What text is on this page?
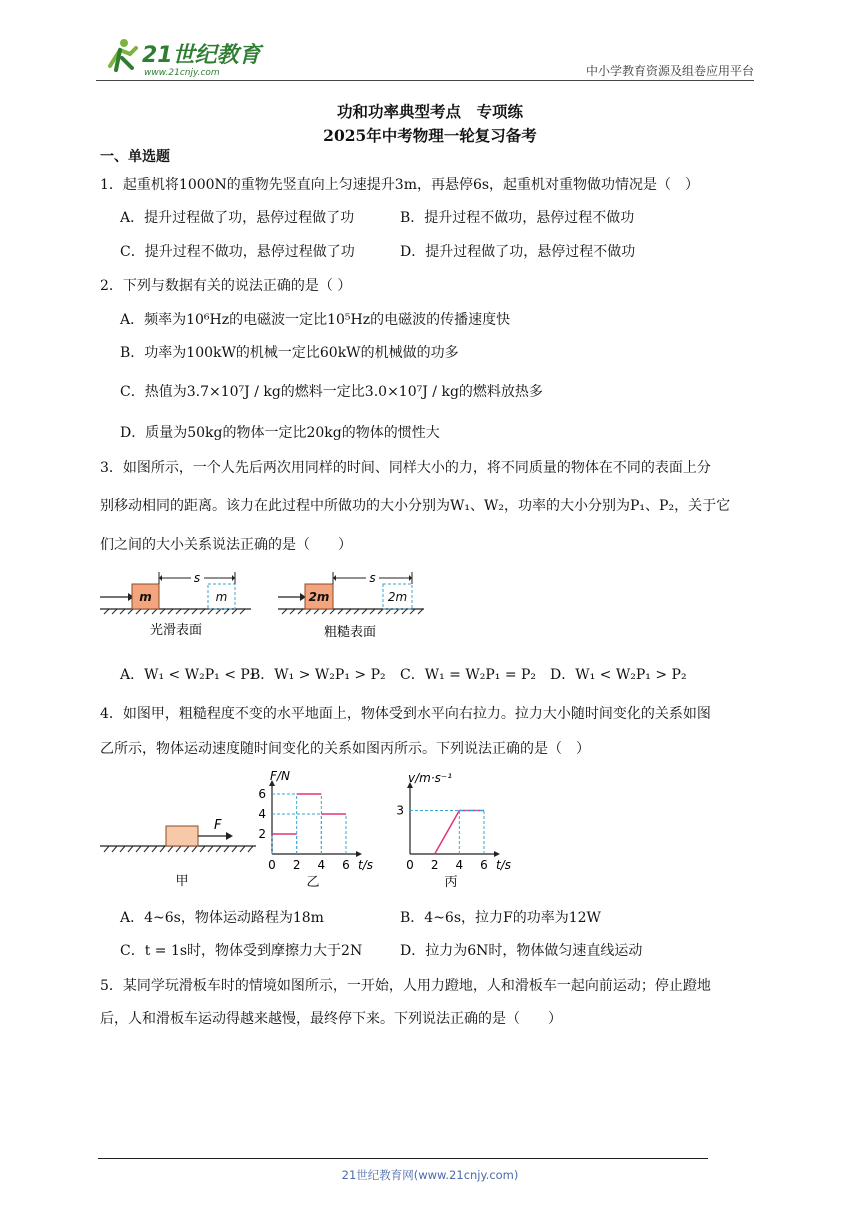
21世纪教育
www.21cnjy.com	中小学教育资源及组卷应用平台
功和功率典型考点　专项练
2025年中考物理一轮复习备考
一、单选题
1．起重机将1000N的重物先竖直向上匀速提升3m，再悬停6s，起重机对重物做功情况是（　）
A．提升过程做了功，悬停过程做了功	B．提升过程不做功，悬停过程不做功
C．提升过程不做功，悬停过程做了功	D．提升过程做了功，悬停过程不做功
2．下列与数据有关的说法正确的是（ ）
A．频率为10⁶Hz的电磁波一定比10⁵Hz的电磁波的传播速度快
B．功率为100kW的机械一定比60kW的机械做的功多
C．热值为3.7×10⁷J / kg的燃料一定比3.0×10⁷J / kg的燃料放热多
D．质量为50kg的物体一定比20kg的物体的惯性大
3．如图所示，一个人先后两次用同样的时间、同样大小的力，将不同质量的物体在不同的表面上分
别移动相同的距离。该力在此过程中所做功的大小分别为W₁、W₂，功率的大小分别为P₁、P₂，关于它
们之间的大小关系说法正确的是（　　）
m	m
s
光滑表面
2m	2m
s
粗糙表面
A．W₁ < W₂P₁ < P₂
B．W₁ > W₂P₁ > P₂ C．W₁ = W₂P₁ = P₂ D．W₁ < W₂P₁ > P₂
4．如图甲，粗糙程度不变的水平地面上，物体受到水平向右拉力。拉力大小随时间变化的关系如图
乙所示，物体运动速度随时间变化的关系如图丙所示。下列说法正确的是（　）
F
甲
0 2 4 6
2
4
6
F/N
t/s
乙
0 2 4 6
3
v/m·s⁻¹
t/s
丙
A．4~6s，物体运动路程为18m	B．4~6s，拉力F的功率为12W
C．t = 1s时，物体受到摩擦力大于2N	D．拉力为6N时，物体做匀速直线运动
5．某同学玩滑板车时的情境如图所示，一开始，人用力蹬地，人和滑板车一起向前运动；停止蹬地
后，人和滑板车运动得越来越慢，最终停下来。下列说法正确的是（　　）
21世纪教育网(www.21cnjy.com)
